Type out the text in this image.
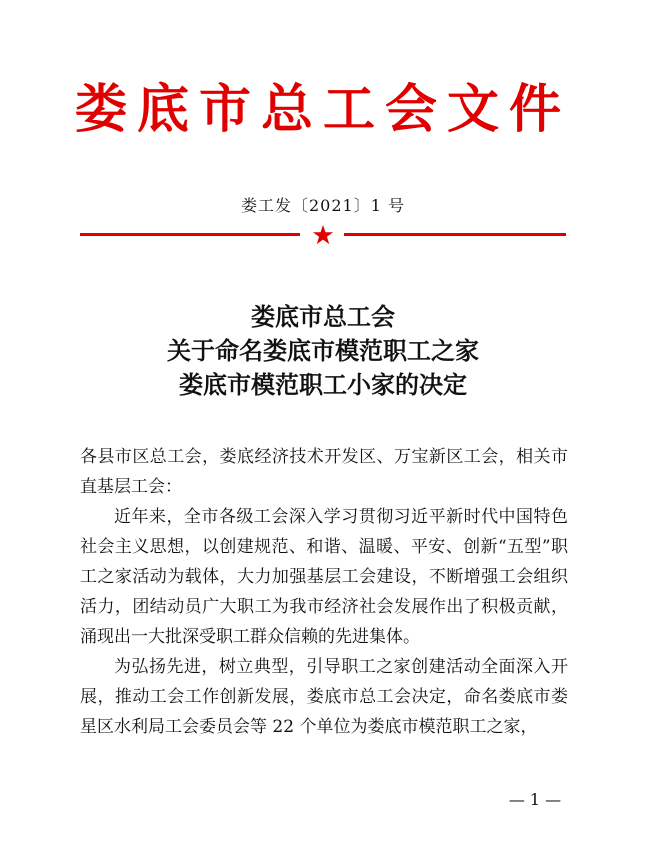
娄底市总工会文件
娄工发〔2021〕1 号
娄底市总工会
关于命名娄底市模范职工之家
娄底市模范职工小家的决定

各县市区总工会，娄底经济技术开发区、万宝新区工会，相关市直基层工会：

近年来，全市各级工会深入学习贯彻习近平新时代中国特色社会主义思想，以创建规范、和谐、温暖、平安、创新“五型”职工之家活动为载体，大力加强基层工会建设，不断增强工会组织活力，团结动员广大职工为我市经济社会发展作出了积极贡献，涌现出一大批深受职工群众信赖的先进集体。

为弘扬先进，树立典型，引导职工之家创建活动全面深入开展，推动工会工作创新发展，娄底市总工会决定，命名娄底市娄星区水利局工会委员会等 22 个单位为娄底市模范职工之家，

— 1 —
